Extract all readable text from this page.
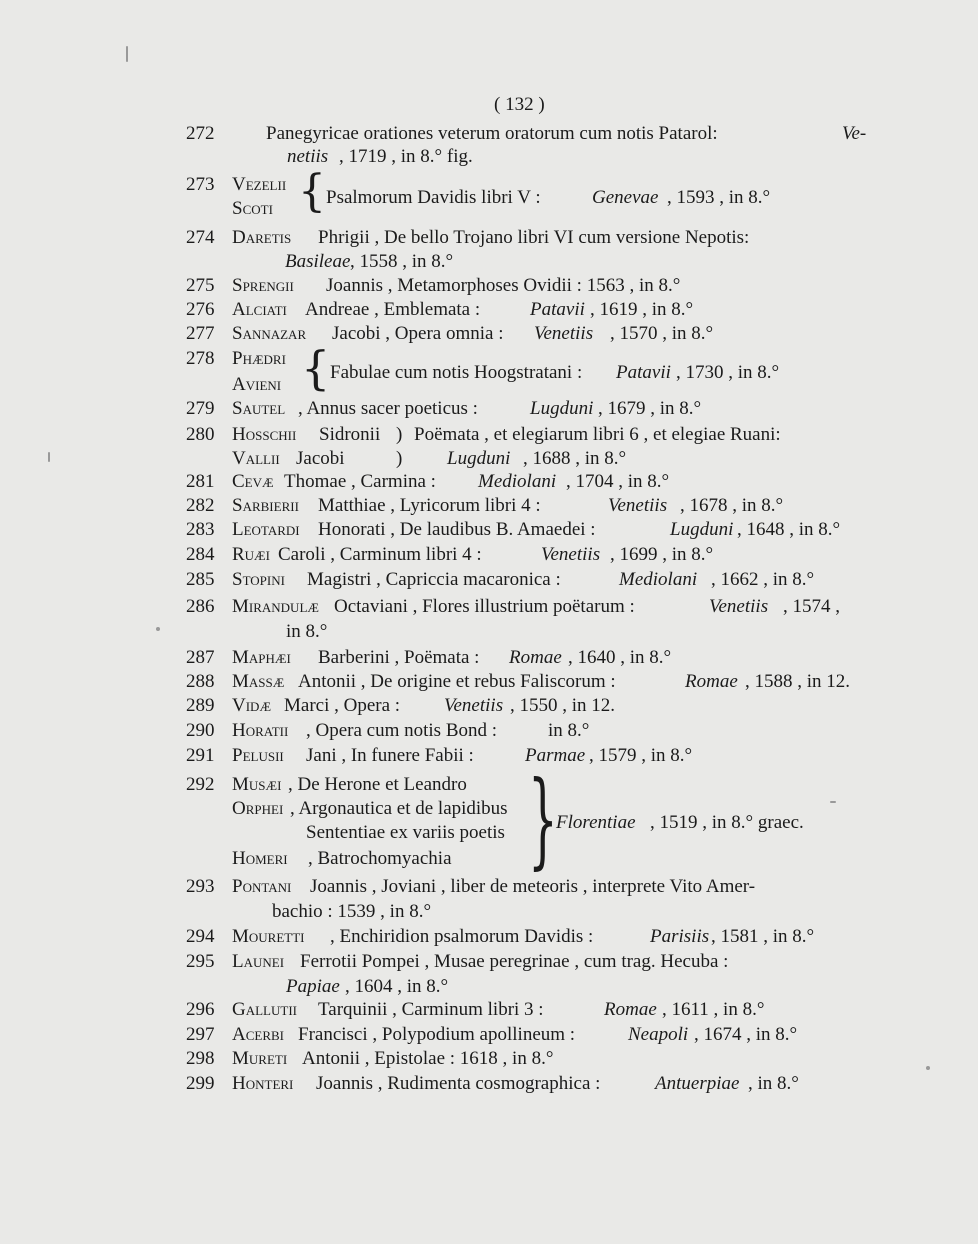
( 132 )
272	Panegyricae orationes veterum oratorum cum notis Patarol:	Ve-
netiis , 1719 , in 8.° fig.
273 Vezelii
Scoti { Psalmorum Davidis libri V :	Genevae , 1593 , in 8.°
274 Daretis Phrigii , De bello Trojano libri VI cum versione Nepotis:
Basileae , 1558 , in 8.°
275 Sprengii Joannis , Metamorphoses Ovidii : 1563 , in 8.°
276 Alciati Andreae , Emblemata :	Patavii , 1619 , in 8.°
277 Sannazar Jacobi , Opera omnia : Venetiis , 1570 , in 8.°
278 Phædri
Avieni { Fabulae cum notis Hoogstratani : Patavii , 1730 , in 8.°
279 Sautel , Annus sacer poeticus :	Lugduni , 1679 , in 8.°
280 Hosschii Sidronii ) Poëmata , et elegiarum libri 6 , et elegiae Ruani:
Vallii Jacobi	) Lugduni , 1688 , in 8.°
281 Cevæ Thomae , Carmina : Mediolani , 1704 , in 8.°
282 Sarbierii Matthiae , Lyricorum libri 4 :	Venetiis , 1678 , in 8.°
283 Leotardi Honorati , De laudibus B. Amaedei :	Lugduni , 1648 , in 8.°
284 Ruæi Caroli , Carminum libri 4 :	Venetiis , 1699 , in 8.°
285 Stopini Magistri , Capriccia macaronica :	Mediolani , 1662 , in 8.°
286 Mirandulæ Octaviani , Flores illustrium poëtarum :	Venetiis , 1574 ,
in 8.°
287 Maphæi Barberini , Poëmata : Romae , 1640 , in 8.°
288 Massæ Antonii , De origine et rebus Faliscorum :	Romae , 1588 , in 12.
289 Vidæ Marci , Opera : Venetiis , 1550 , in 12.
290 Horatii , Opera cum notis Bond :	in 8.°
291 Pelusii Jani , In funere Fabii :	Parmae , 1579 , in 8.°
292 Musæi , De Herone et Leandro
Orphei , Argonautica et de lapidibus
Sententiae ex variis poetis
Homeri , Batrochomyachia }
Florentiae , 1519 , in 8.° graec.
293 Pontani Joannis , Joviani , liber de meteoris , interprete Vito Amer-
bachio : 1539 , in 8.°
294 Mouretti , Enchiridion psalmorum Davidis :	Parisiis , 1581 , in 8.°
295 Launei Ferrotii Pompei , Musae peregrinae , cum trag. Hecuba :
Papiae , 1604 , in 8.°
296 Gallutii Tarquinii , Carminum libri 3 :	Romae , 1611 , in 8.°
297 Acerbi Francisci , Polypodium apollineum :	Neapoli , 1674 , in 8.°
298 Mureti Antonii , Epistolae : 1618 , in 8.°
299 Honteri Joannis , Rudimenta cosmographica :	Antuerpiae , in 8.°
